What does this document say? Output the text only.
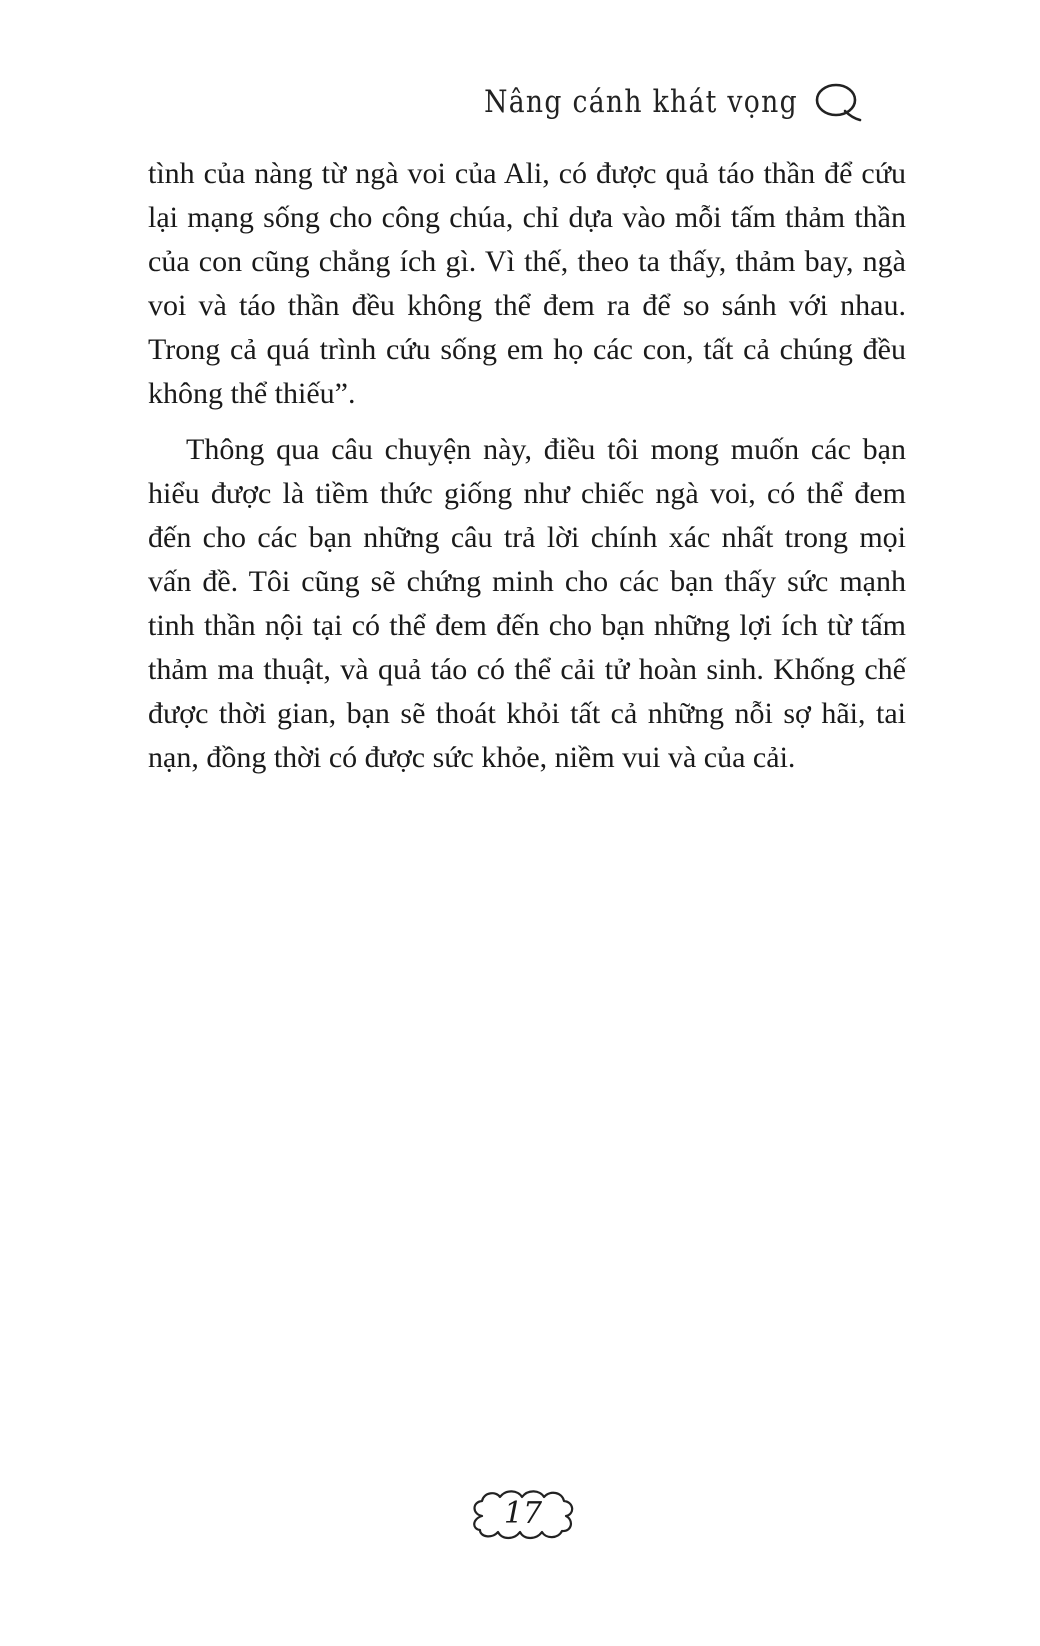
Nâng cánh khát vọng

tình của nàng từ ngà voi của Ali, có được quả táo thần để cứu lại mạng sống cho công chúa, chỉ dựa vào mỗi tấm thảm thần của con cũng chẳng ích gì. Vì thế, theo ta thấy, thảm bay, ngà voi và táo thần đều không thể đem ra để so sánh với nhau. Trong cả quá trình cứu sống em họ các con, tất cả chúng đều không thể thiếu”.

Thông qua câu chuyện này, điều tôi mong muốn các bạn hiểu được là tiềm thức giống như chiếc ngà voi, có thể đem đến cho các bạn những câu trả lời chính xác nhất trong mọi vấn đề. Tôi cũng sẽ chứng minh cho các bạn thấy sức mạnh tinh thần nội tại có thể đem đến cho bạn những lợi ích từ tấm thảm ma thuật, và quả táo có thể cải tử hoàn sinh. Khống chế được thời gian, bạn sẽ thoát khỏi tất cả những nỗi sợ hãi, tai nạn, đồng thời có được sức khỏe, niềm vui và của cải.

17
